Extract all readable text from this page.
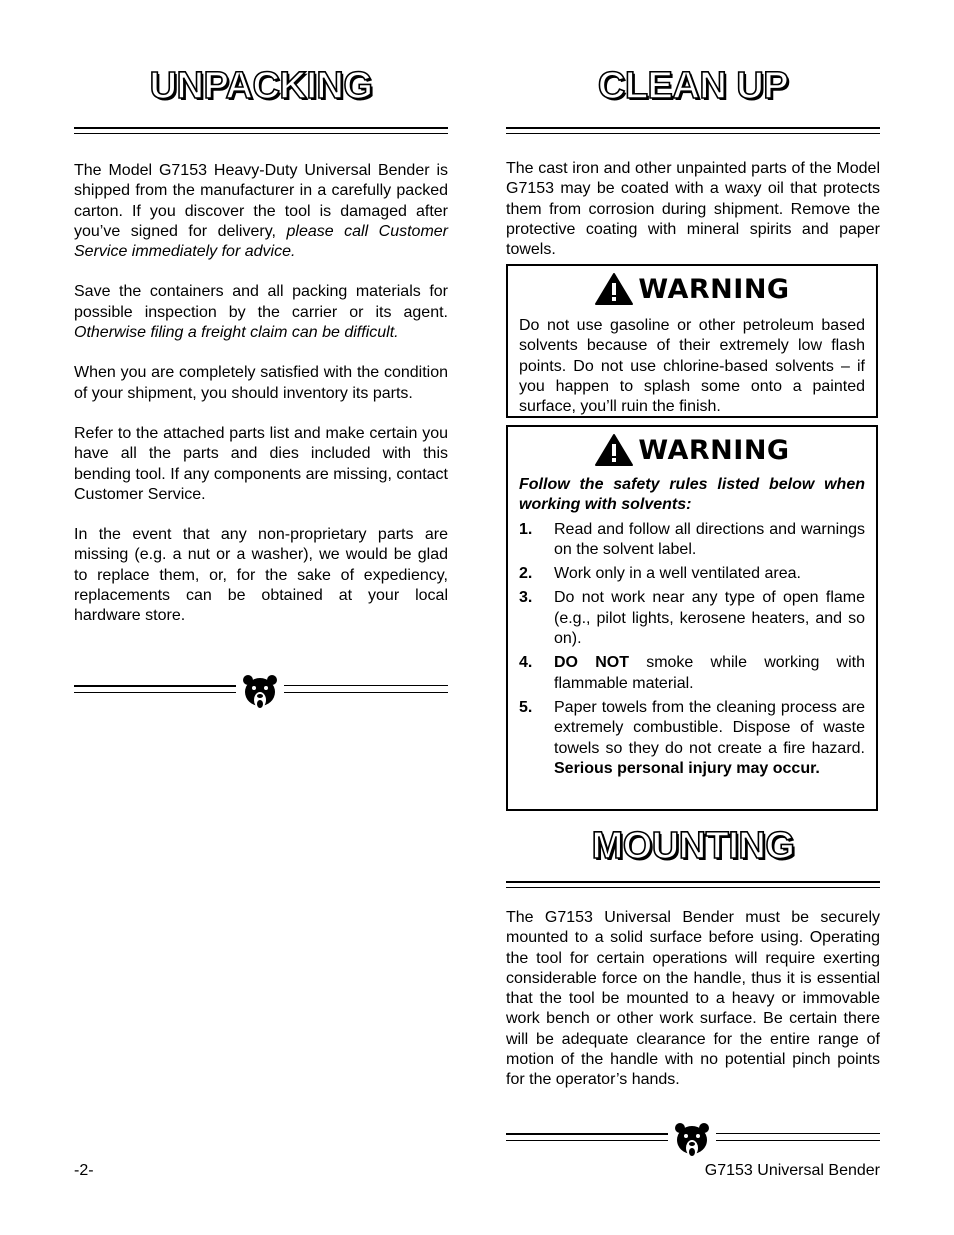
UNPACKING

The Model G7153 Heavy-Duty Universal Bender is shipped from the manufacturer in a carefully packed carton. If you discover the tool is damaged after you’ve signed for delivery, please call Customer Service immediately for advice.

Save the containers and all packing materials for possible inspection by the carrier or its agent. Otherwise filing a freight claim can be difficult.

When you are completely satisfied with the condition of your shipment, you should inventory its parts.

Refer to the attached parts list and make certain you have all the parts and dies included with this bending tool. If any components are missing, contact Customer Service.

In the event that any non-proprietary parts are missing (e.g. a nut or a washer), we would be glad to replace them, or, for the sake of expediency, replacements can be obtained at your local hardware store.

CLEAN UP

The cast iron and other unpainted parts of the Model G7153 may be coated with a waxy oil that protects them from corrosion during shipment. Remove the protective coating with mineral spirits and paper towels.

WARNING
Do not use gasoline or other petroleum based solvents because of their extremely low flash points. Do not use chlorine-based solvents – if you happen to splash some onto a painted surface, you’ll ruin the finish.
WARNING
Follow the safety rules listed below when working with solvents:
1.	Read and follow all directions and warnings on the solvent label.
2.	Work only in a well ventilated area.
3.	Do not work near any type of open flame (e.g., pilot lights, kerosene heaters, and so on).
4.	DO NOT smoke while working with flammable material.
5.	Paper towels from the cleaning process are extremely combustible. Dispose of waste towels so they do not create a fire hazard. Serious personal injury may occur.
MOUNTING

The G7153 Universal Bender must be securely mounted to a solid surface before using. Operating the tool for certain operations will require exerting considerable force on the handle, thus it is essential that the tool be mounted to a heavy or immovable work bench or other work surface. Be certain there will be adequate clearance for the entire range of motion of the handle with no potential pinch points for the operator’s hands.

-2-	G7153 Universal Bender
